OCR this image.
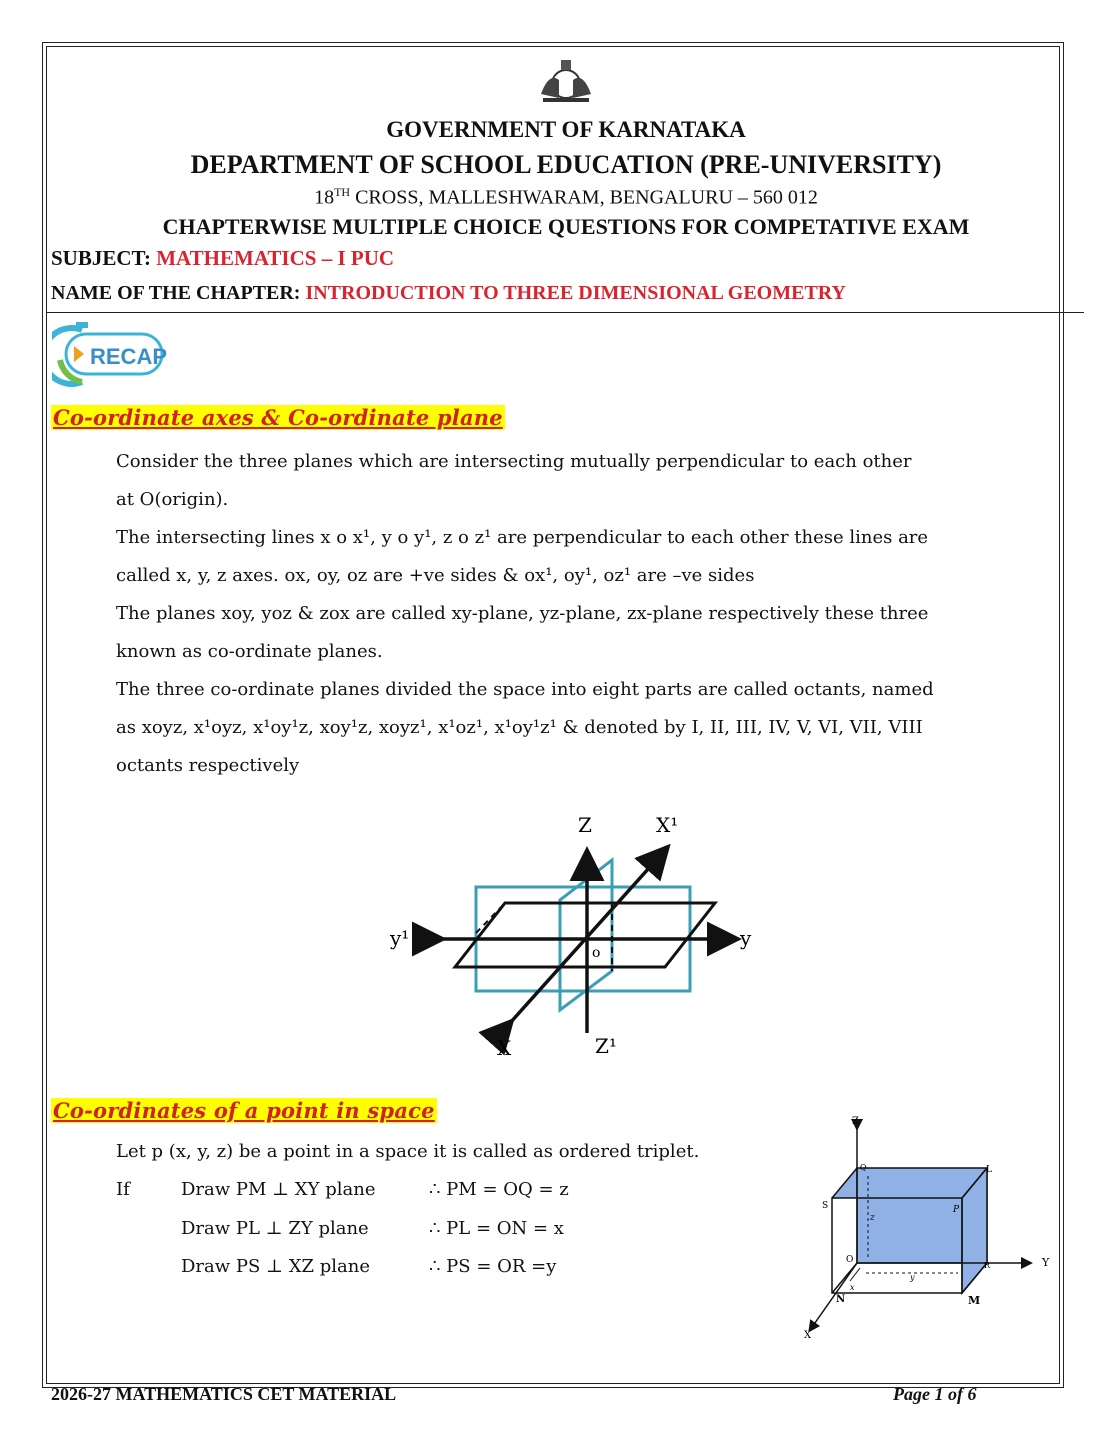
GOVERNMENT OF KARNATAKA
DEPARTMENT OF SCHOOL EDUCATION (PRE-UNIVERSITY)
18TH CROSS, MALLESHWARAM, BENGALURU – 560 012
CHAPTERWISE MULTIPLE CHOICE QUESTIONS FOR COMPETATIVE EXAM
SUBJECT: MATHEMATICS – I PUC
NAME OF THE CHAPTER: INTRODUCTION TO THREE DIMENSIONAL GEOMETRY
RECAP
Co-ordinate axes & Co-ordinate plane
Consider the three planes which are intersecting mutually perpendicular to each other
at O(origin).
The intersecting lines x o x¹, y o y¹, z o z¹ are perpendicular to each other these lines are
called x, y, z axes. ox, oy, oz are +ve sides & ox¹, oy¹, oz¹ are –ve sides
The planes xoy, yoz & zox are called xy-plane, yz-plane, zx-plane respectively these three
known as co-ordinate planes.
The three co-ordinate planes divided the space into eight parts are called octants, named
as xoyz, x¹oyz, x¹oy¹z, xoy¹z, xoyz¹, x¹oz¹, x¹oy¹z¹ & denoted by I, II, III, IV, V, VI, VII, VIII
octants respectively
Z	X¹
y¹	y
o
X	Z¹
Co-ordinates of a point in space
Let p (x, y, z) be a point in a space it is called as ordered triplet.
If	Draw PM ⊥ XY plane	∴ PM = OQ = z
Draw PL ⊥ ZY plane	∴ PL = ON = x
Draw PS ⊥ XZ plane	∴ PS = OR =y
Z
Q	L
S	P
z
O	Y
x
y
R
N	M
X
2026-27 MATHEMATICS CET MATERIAL	Page 1 of 6
